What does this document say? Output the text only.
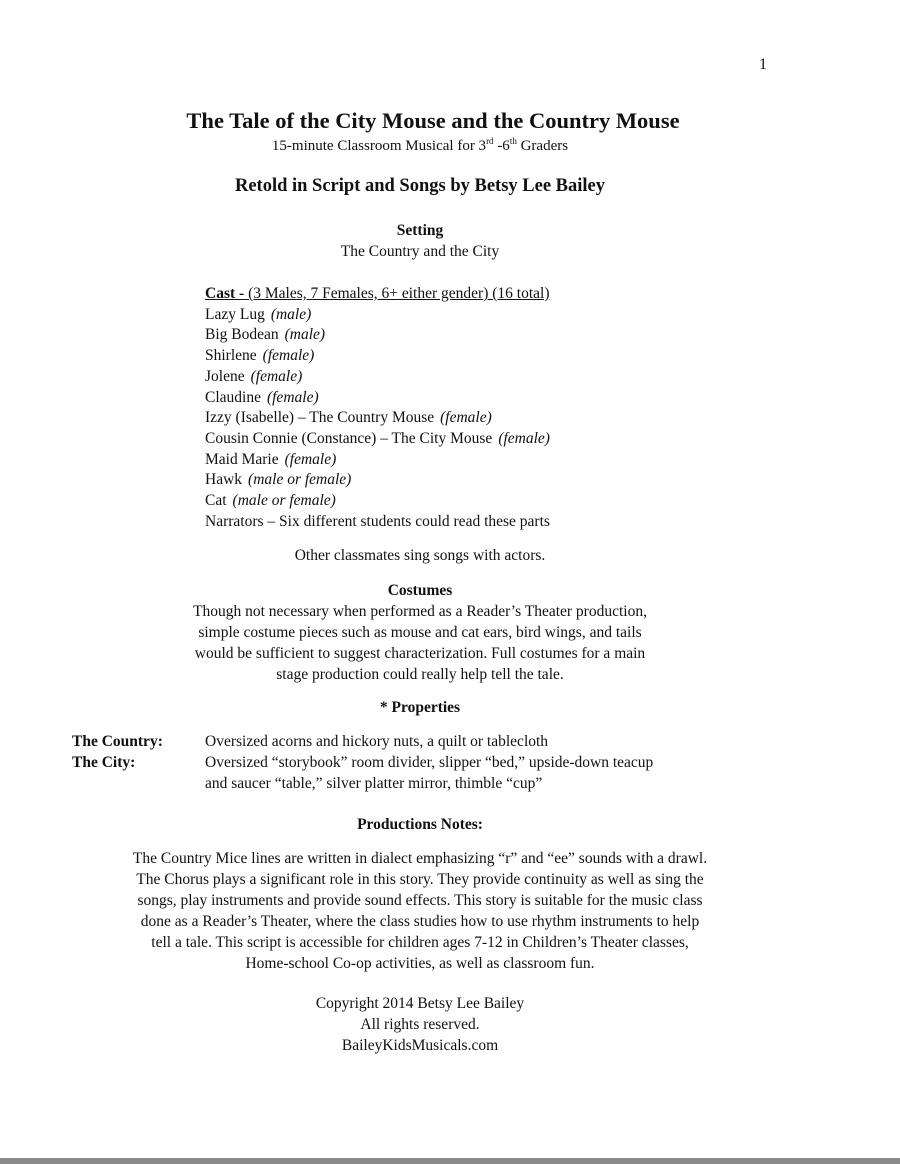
1
The Tale of the City Mouse and the Country Mouse
15-minute Classroom Musical for 3rd -6th Graders
Retold in Script and Songs by Betsy Lee Bailey
Setting
The Country and the City
Cast - (3 Males, 7 Females, 6+ either gender) (16 total)
Lazy Lug (male)
Big Bodean (male)
Shirlene (female)
Jolene (female)
Claudine (female)
Izzy (Isabelle) – The Country Mouse (female)
Cousin Connie (Constance) – The City Mouse (female)
Maid Marie (female)
Hawk (male or female)
Cat (male or female)
Narrators – Six different students could read these parts
Other classmates sing songs with actors.
Costumes
Though not necessary when performed as a Reader’s Theater production,
simple costume pieces such as mouse and cat ears, bird wings, and tails
would be sufficient to suggest characterization. Full costumes for a main
stage production could really help tell the tale.
* Properties
The Country:	Oversized acorns and hickory nuts, a quilt or tablecloth
The City:	Oversized “storybook” room divider, slipper “bed,” upside-down teacup
and saucer “table,” silver platter mirror, thimble “cup”
Productions Notes:
The Country Mice lines are written in dialect emphasizing “r” and “ee” sounds with a drawl.
The Chorus plays a significant role in this story. They provide continuity as well as sing the
songs, play instruments and provide sound effects. This story is suitable for the music class
done as a Reader’s Theater, where the class studies how to use rhythm instruments to help
tell a tale. This script is accessible for children ages 7-12 in Children’s Theater classes,
Home-school Co-op activities, as well as classroom fun.
Copyright 2014 Betsy Lee Bailey
All rights reserved.
BaileyKidsMusicals.com
